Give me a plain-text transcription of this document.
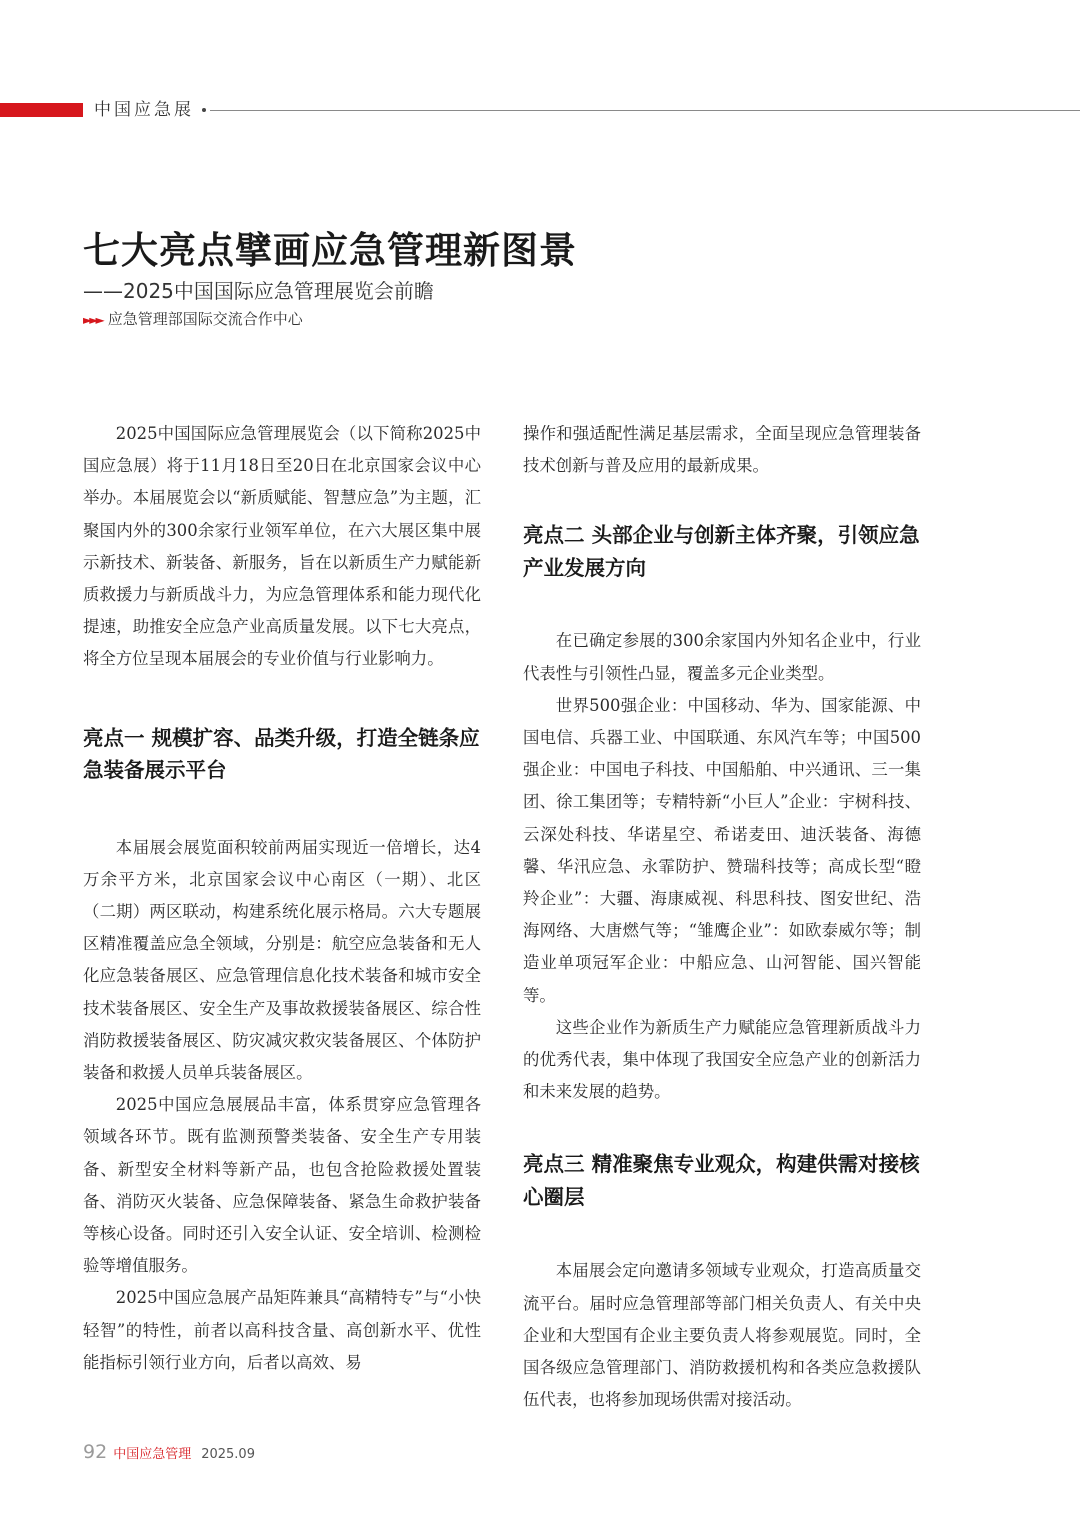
中国应急展
七大亮点擘画应急管理新图景
——2025中国国际应急管理展览会前瞻
►►► 应急管理部国际交流合作中心

2025中国国际应急管理展览会（以下简称2025中国应急展）将于11月18日至20日在北京国家会议中心举办。本届展览会以“新质赋能、智慧应急”为主题，汇聚国内外的300余家行业领军单位，在六大展区集中展示新技术、新装备、新服务，旨在以新质生产力赋能新质救援力与新质战斗力，为应急管理体系和能力现代化提速，助推安全应急产业高质量发展。以下七大亮点，将全方位呈现本届展会的专业价值与行业影响力。

亮点一 规模扩容、品类升级，打造全链条应急装备展示平台

本届展会展览面积较前两届实现近一倍增长，达4万余平方米，北京国家会议中心南区（一期）、北区（二期）两区联动，构建系统化展示格局。六大专题展区精准覆盖应急全领域，分别是：航空应急装备和无人化应急装备展区、应急管理信息化技术装备和城市安全技术装备展区、安全生产及事故救援装备展区、综合性消防救援装备展区、防灾减灾救灾装备展区、个体防护装备和救援人员单兵装备展区。

2025中国应急展展品丰富，体系贯穿应急管理各领域各环节。既有监测预警类装备、安全生产专用装备、新型安全材料等新产品，也包含抢险救援处置装备、消防灭火装备、应急保障装备、紧急生命救护装备等核心设备。同时还引入安全认证、安全培训、检测检验等增值服务。

2025中国应急展产品矩阵兼具“高精特专”与“小快轻智”的特性，前者以高科技含量、高创新水平、优性能指标引领行业方向，后者以高效、易

操作和强适配性满足基层需求，全面呈现应急管理装备技术创新与普及应用的最新成果。

亮点二 头部企业与创新主体齐聚，引领应急产业发展方向

在已确定参展的300余家国内外知名企业中，行业代表性与引领性凸显，覆盖多元企业类型。

世界500强企业：中国移动、华为、国家能源、中国电信、兵器工业、中国联通、东风汽车等；中国500强企业：中国电子科技、中国船舶、中兴通讯、三一集团、徐工集团等；专精特新“小巨人”企业：宇树科技、云深处科技、华诺星空、希诺麦田、迪沃装备、海德馨、华汛应急、永霏防护、赞瑞科技等；高成长型“瞪羚企业”：大疆、海康威视、科思科技、图安世纪、浩海网络、大唐燃气等；“雏鹰企业”：如欧泰威尔等；制造业单项冠军企业：中船应急、山河智能、国兴智能等。

这些企业作为新质生产力赋能应急管理新质战斗力的优秀代表，集中体现了我国安全应急产业的创新活力和未来发展的趋势。

亮点三 精准聚焦专业观众，构建供需对接核心圈层

本届展会定向邀请多领域专业观众，打造高质量交流平台。届时应急管理部等部门相关负责人、有关中央企业和大型国有企业主要负责人将参观展览。同时，全国各级应急管理部门、消防救援机构和各类应急救援队伍代表，也将参加现场供需对接活动。

92 中国应急管理 2025.09
